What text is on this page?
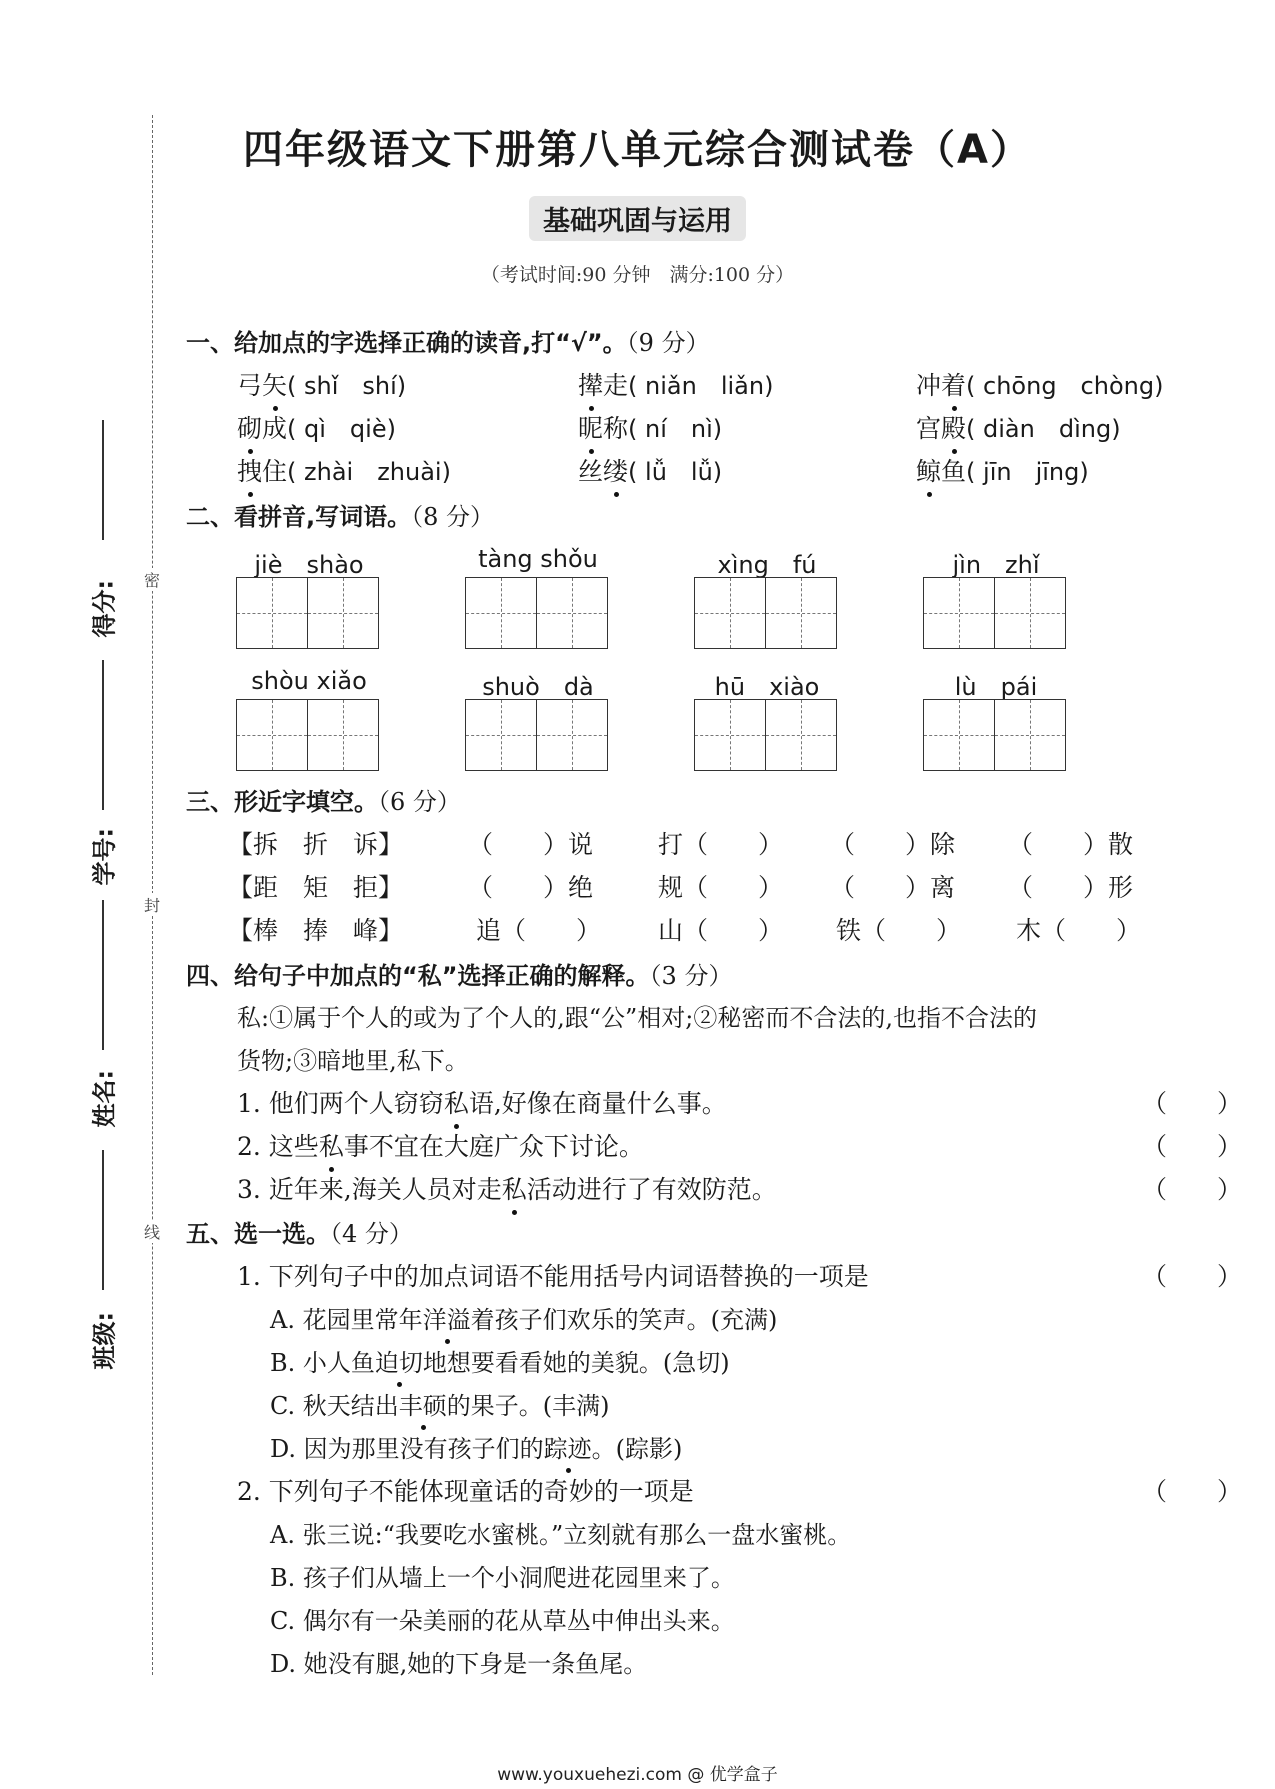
密
封
线
得分:
学号:
姓名:
班级:
四年级语文下册第八单元综合测试卷（A）
基础巩固与运用
（考试时间:90 分钟　满分:100 分）
一、给加点的字选择正确的读音,打“√”。（9 分）
弓矢( shǐ　shí)	撵走( niǎn　liǎn)	冲着( chōng　chòng)
砌成( qì　qiè)	昵称( ní　nì)	宫殿( diàn　dìng)
拽住( zhài　zhuài)	丝缕( lǚ　lǚ)	鲸鱼( jīn　jīng)
二、看拼音,写词语。（8 分）
jiè　shào	tàng shǒu	xìng　fú	jìn　zhǐ
shòu xiǎo	shuò　dà	hū　xiào	lù　pái
三、形近字填空。（6 分）
【拆　折　诉】	（　　）说	打（　　） （　　）除 （　　）散
【距　矩　拒】	（　　）绝	规（　　） （　　）离 （　　）形
【棒　捧　峰】	追（　　） 山（　　） 铁（　　） 木（　　）
四、给句子中加点的“私”选择正确的解释。（3 分）
私:①属于个人的或为了个人的,跟“公”相对;②秘密而不合法的,也指不合法的
货物;③暗地里,私下。
1. 他们两个人窃窃私语,好像在商量什么事。	（　　）
2. 这些私事不宜在大庭广众下讨论。	（　　）
3. 近年来,海关人员对走私活动进行了有效防范。	（　　）
五、选一选。（4 分）
1. 下列句子中的加点词语不能用括号内词语替换的一项是	（　　）
A. 花园里常年洋溢着孩子们欢乐的笑声。(充满)
B. 小人鱼迫切地想要看看她的美貌。(急切)
C. 秋天结出丰硕的果子。(丰满)
D. 因为那里没有孩子们的踪迹。(踪影)
2. 下列句子不能体现童话的奇妙的一项是	（　　）
A. 张三说:“我要吃水蜜桃。”立刻就有那么一盘水蜜桃。
B. 孩子们从墙上一个小洞爬进花园里来了。
C. 偶尔有一朵美丽的花从草丛中伸出头来。
D. 她没有腿,她的下身是一条鱼尾。
www.youxuehezi.com @ 优学盒子
